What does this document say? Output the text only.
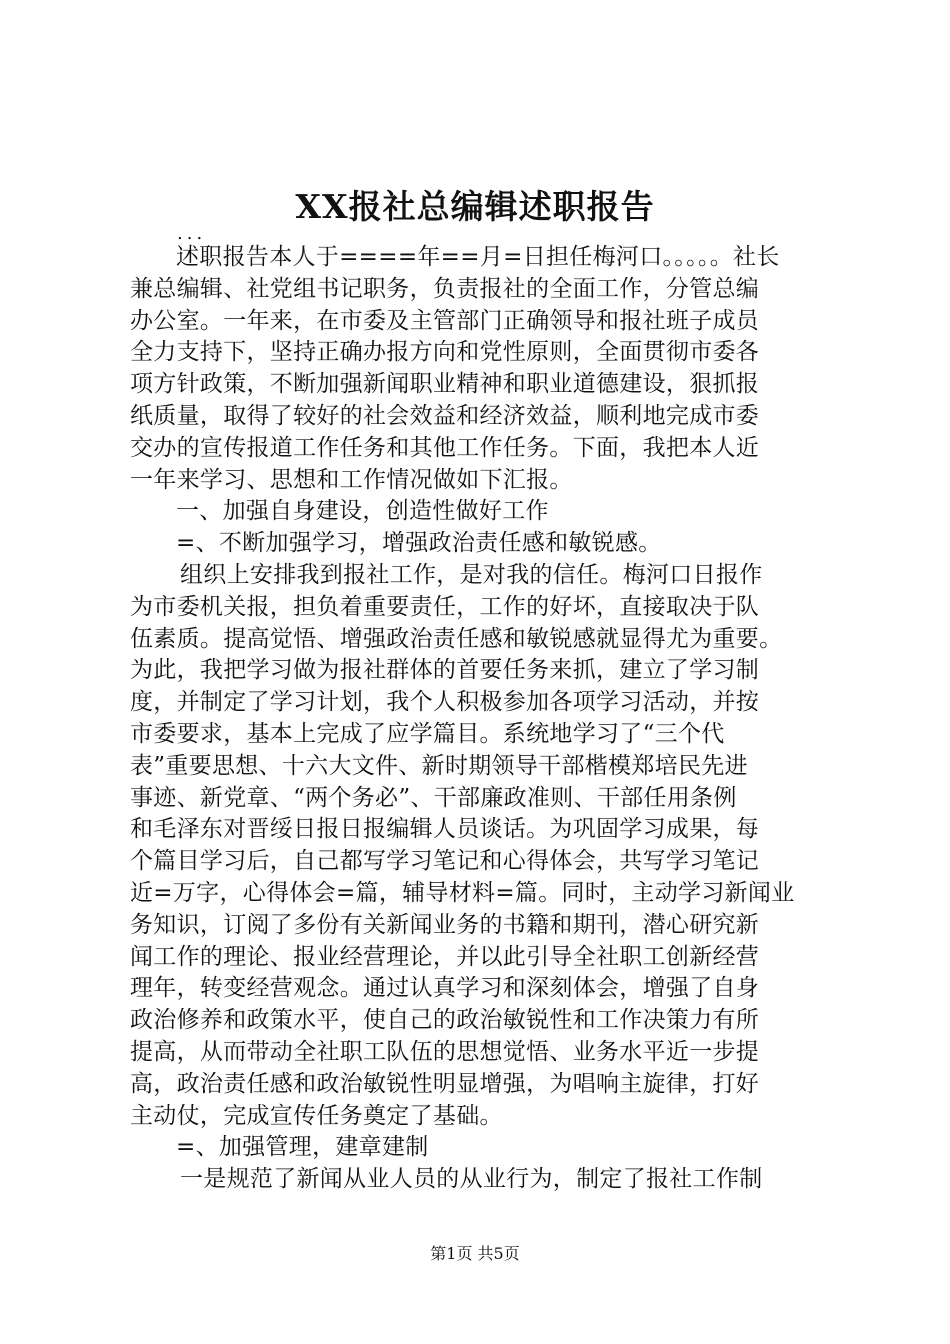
XX报社总编辑述职报告
...
述职报告本人于====年==月=日担任梅河口。。。。。社长
兼总编辑、社党组书记职务，负责报社的全面工作，分管总编
办公室。一年来，在市委及主管部门正确领导和报社班子成员
全力支持下，坚持正确办报方向和党性原则，全面贯彻市委各
项方针政策，不断加强新闻职业精神和职业道德建设，狠抓报
纸质量，取得了较好的社会效益和经济效益，顺利地完成市委
交办的宣传报道工作任务和其他工作任务。下面，我把本人近
一年来学习、思想和工作情况做如下汇报。
一、加强自身建设，创造性做好工作
=、不断加强学习，增强政治责任感和敏锐感。
组织上安排我到报社工作，是对我的信任。梅河口日报作
为市委机关报，担负着重要责任，工作的好坏，直接取决于队
伍素质。提高觉悟、增强政治责任感和敏锐感就显得尤为重要。
为此，我把学习做为报社群体的首要任务来抓，建立了学习制
度，并制定了学习计划，我个人积极参加各项学习活动，并按
市委要求，基本上完成了应学篇目。系统地学习了“三个代
表”重要思想、十六大文件、新时期领导干部楷模郑培民先进
事迹、新党章、“两个务必”、干部廉政准则、干部任用条例
和毛泽东对晋绥日报日报编辑人员谈话。为巩固学习成果，每
个篇目学习后，自己都写学习笔记和心得体会，共写学习笔记
近=万字，心得体会=篇，辅导材料=篇。同时，主动学习新闻业
务知识，订阅了多份有关新闻业务的书籍和期刊，潜心研究新
闻工作的理论、报业经营理论，并以此引导全社职工创新经营
理年，转变经营观念。通过认真学习和深刻体会，增强了自身
政治修养和政策水平，使自己的政治敏锐性和工作决策力有所
提高，从而带动全社职工队伍的思想觉悟、业务水平近一步提
高，政治责任感和政治敏锐性明显增强，为唱响主旋律，打好
主动仗，完成宣传任务奠定了基础。
=、加强管理，建章建制
一是规范了新闻从业人员的从业行为，制定了报社工作制
第1页 共5页
